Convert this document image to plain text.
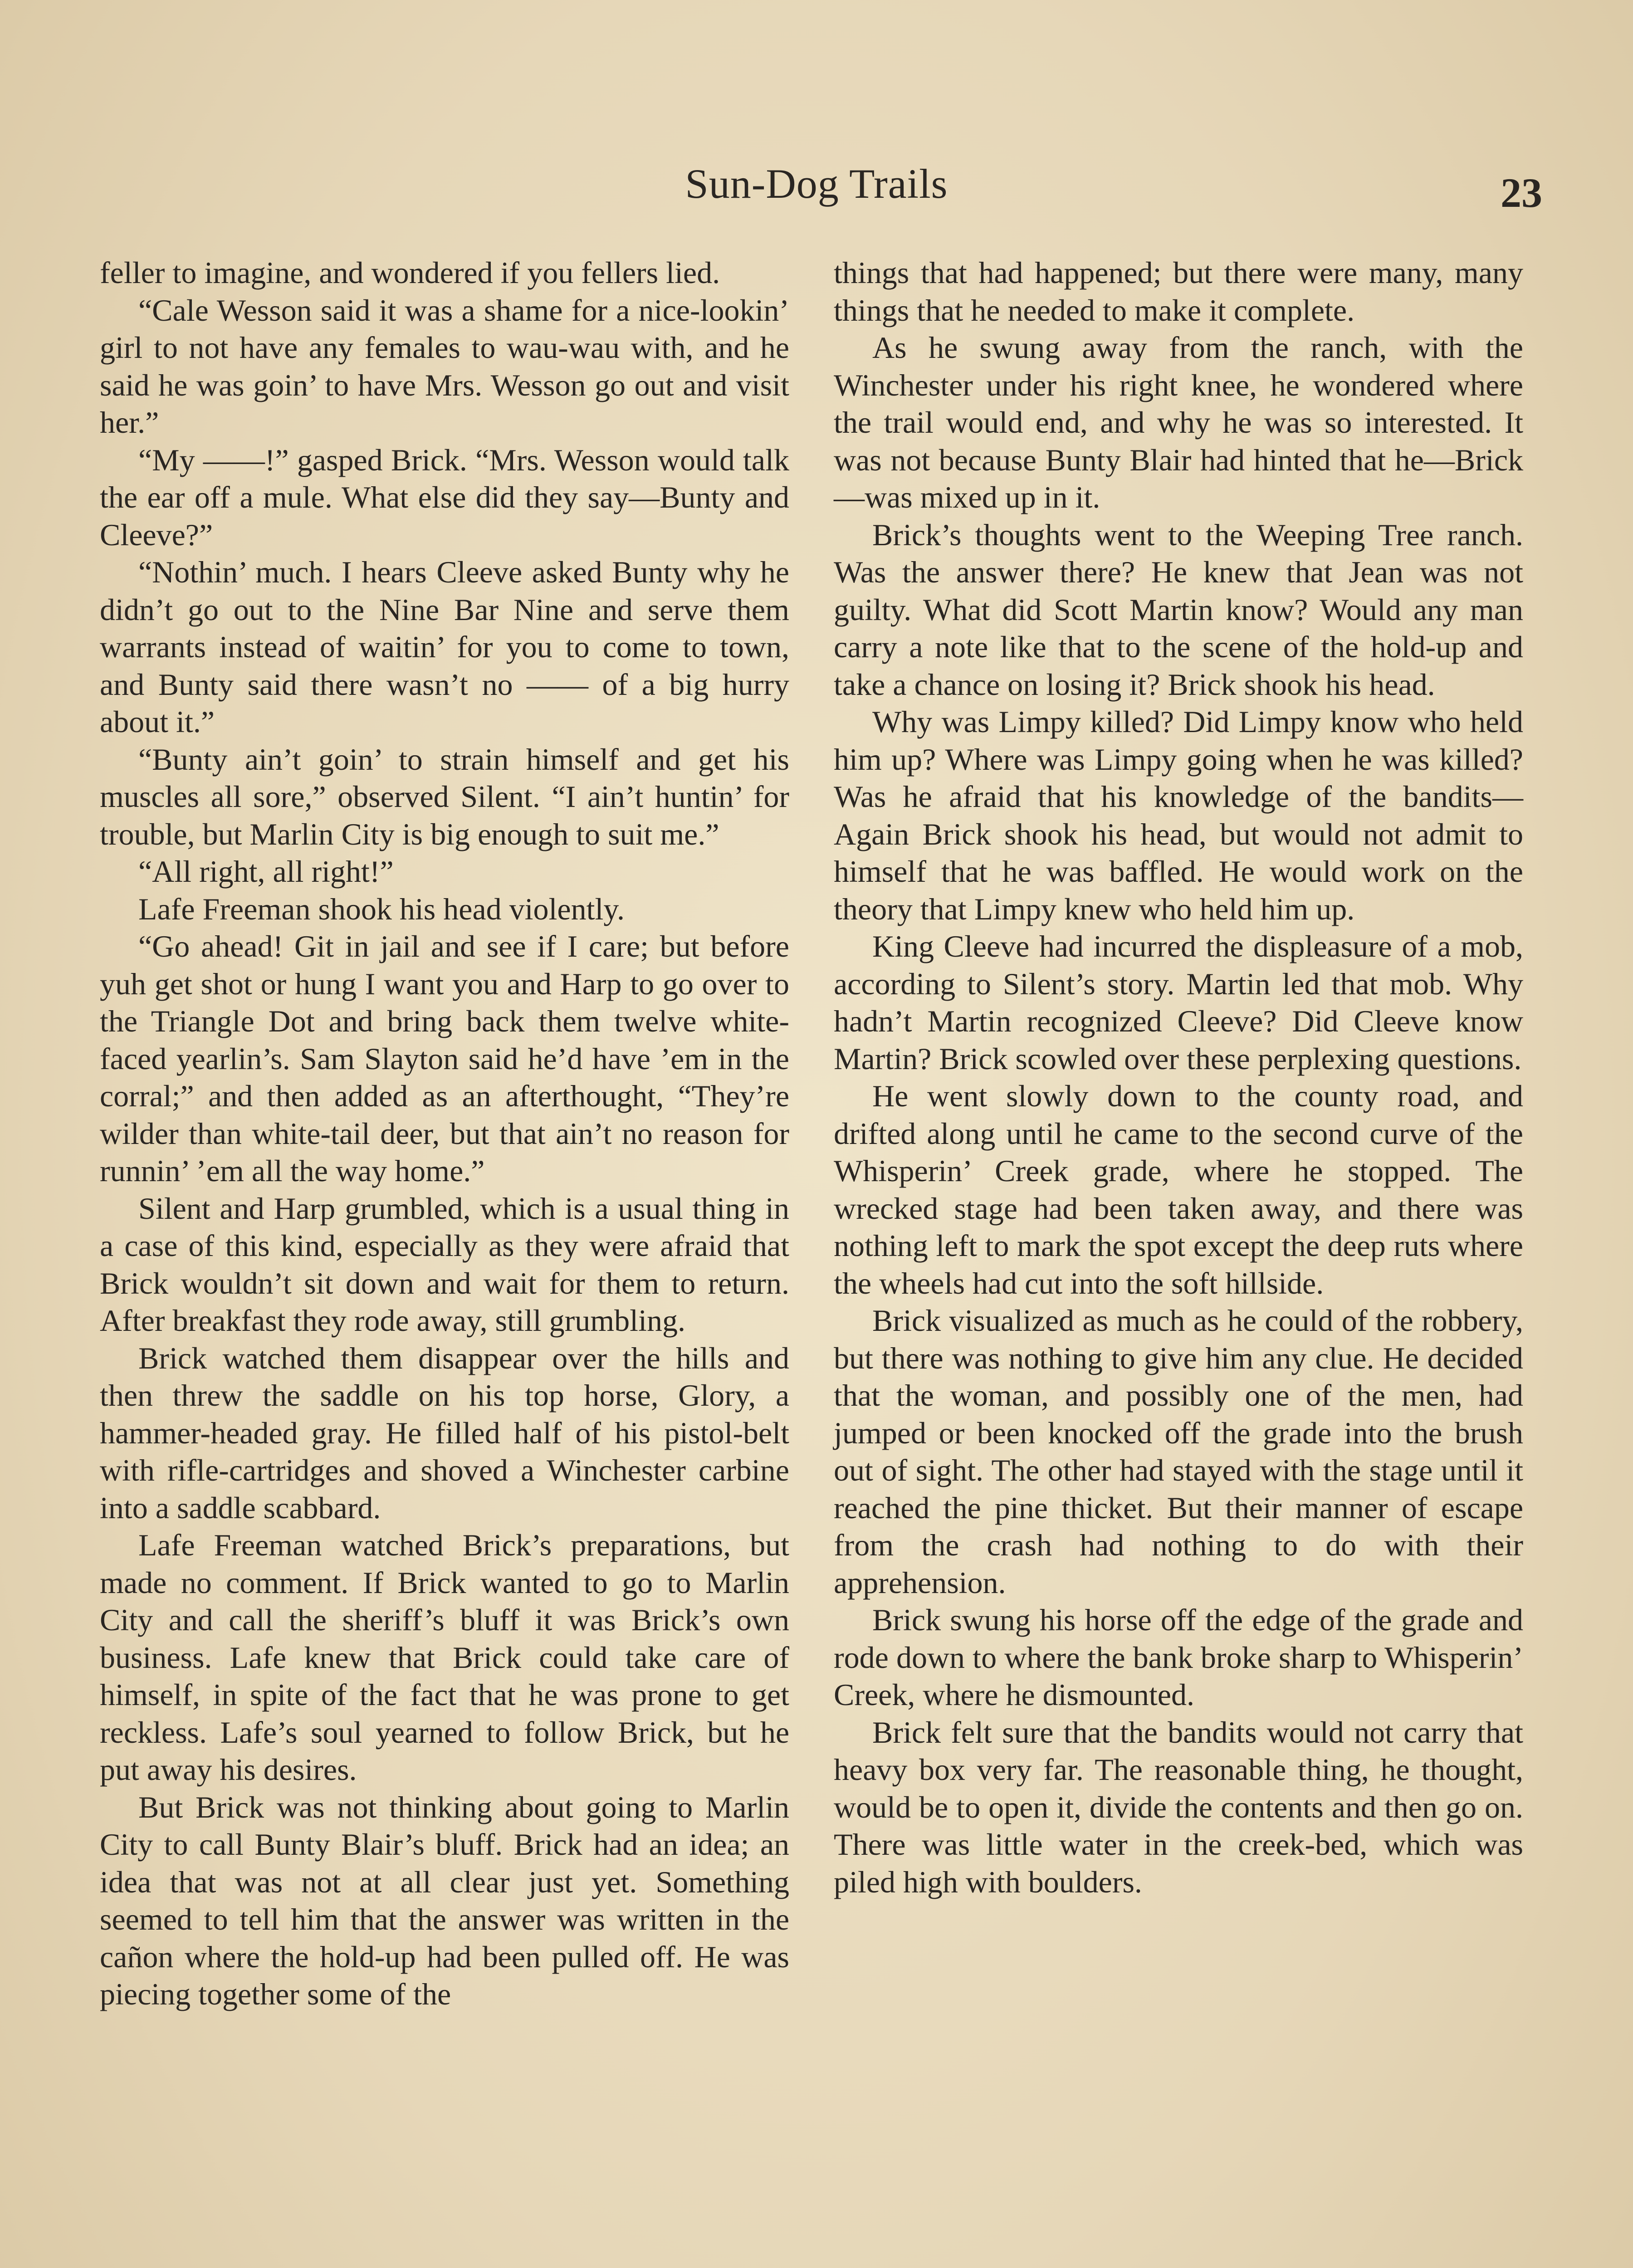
Sun-Dog Trails	23

feller to imagine, and wondered if you fellers lied.

“Cale Wesson said it was a shame for a nice-lookin’ girl to not have any females to wau-wau with, and he said he was goin’ to have Mrs. Wesson go out and visit her.”

“My ——!” gasped Brick. “Mrs. Wesson would talk the ear off a mule. What else did they say—Bunty and Cleeve?”

“Nothin’ much. I hears Cleeve asked Bunty why he didn’t go out to the Nine Bar Nine and serve them warrants instead of waitin’ for you to come to town, and Bunty said there wasn’t no —— of a big hurry about it.”

“Bunty ain’t goin’ to strain himself and get his muscles all sore,” observed Silent. “I ain’t huntin’ for trouble, but Marlin City is big enough to suit me.”

“All right, all right!”

Lafe Freeman shook his head violently.

“Go ahead! Git in jail and see if I care; but before yuh get shot or hung I want you and Harp to go over to the Triangle Dot and bring back them twelve white-faced yearlin’s. Sam Slayton said he’d have ’em in the corral;” and then added as an afterthought, “They’re wilder than white-tail deer, but that ain’t no reason for runnin’ ’em all the way home.”

Silent and Harp grumbled, which is a usual thing in a case of this kind, especially as they were afraid that Brick wouldn’t sit down and wait for them to return. After breakfast they rode away, still grumbling.

Brick watched them disappear over the hills and then threw the saddle on his top horse, Glory, a hammer-headed gray. He filled half of his pistol-belt with rifle-cartridges and shoved a Winchester carbine into a saddle scabbard.

Lafe Freeman watched Brick’s preparations, but made no comment. If Brick wanted to go to Marlin City and call the sheriff’s bluff it was Brick’s own business. Lafe knew that Brick could take care of himself, in spite of the fact that he was prone to get reckless. Lafe’s soul yearned to follow Brick, but he put away his desires.

But Brick was not thinking about going to Marlin City to call Bunty Blair’s bluff. Brick had an idea; an idea that was not at all clear just yet. Something seemed to tell him that the answer was written in the cañon where the hold-up had been pulled off. He was piecing together some of the

things that had happened; but there were many, many things that he needed to make it complete.

As he swung away from the ranch, with the Winchester under his right knee, he wondered where the trail would end, and why he was so interested. It was not because Bunty Blair had hinted that he—Brick—was mixed up in it.

Brick’s thoughts went to the Weeping Tree ranch. Was the answer there? He knew that Jean was not guilty. What did Scott Martin know? Would any man carry a note like that to the scene of the hold-up and take a chance on losing it? Brick shook his head.

Why was Limpy killed? Did Limpy know who held him up? Where was Limpy going when he was killed? Was he afraid that his knowledge of the bandits—Again Brick shook his head, but would not admit to himself that he was baffled. He would work on the theory that Limpy knew who held him up.

King Cleeve had incurred the displeasure of a mob, according to Silent’s story. Martin led that mob. Why hadn’t Martin recognized Cleeve? Did Cleeve know Martin? Brick scowled over these perplexing questions.

He went slowly down to the county road, and drifted along until he came to the second curve of the Whisperin’ Creek grade, where he stopped. The wrecked stage had been taken away, and there was nothing left to mark the spot except the deep ruts where the wheels had cut into the soft hillside.

Brick visualized as much as he could of the robbery, but there was nothing to give him any clue. He decided that the woman, and possibly one of the men, had jumped or been knocked off the grade into the brush out of sight. The other had stayed with the stage until it reached the pine thicket. But their manner of escape from the crash had nothing to do with their apprehension.

Brick swung his horse off the edge of the grade and rode down to where the bank broke sharp to Whisperin’ Creek, where he dismounted.

Brick felt sure that the bandits would not carry that heavy box very far. The reasonable thing, he thought, would be to open it, divide the contents and then go on. There was little water in the creek-bed, which was piled high with boulders.
